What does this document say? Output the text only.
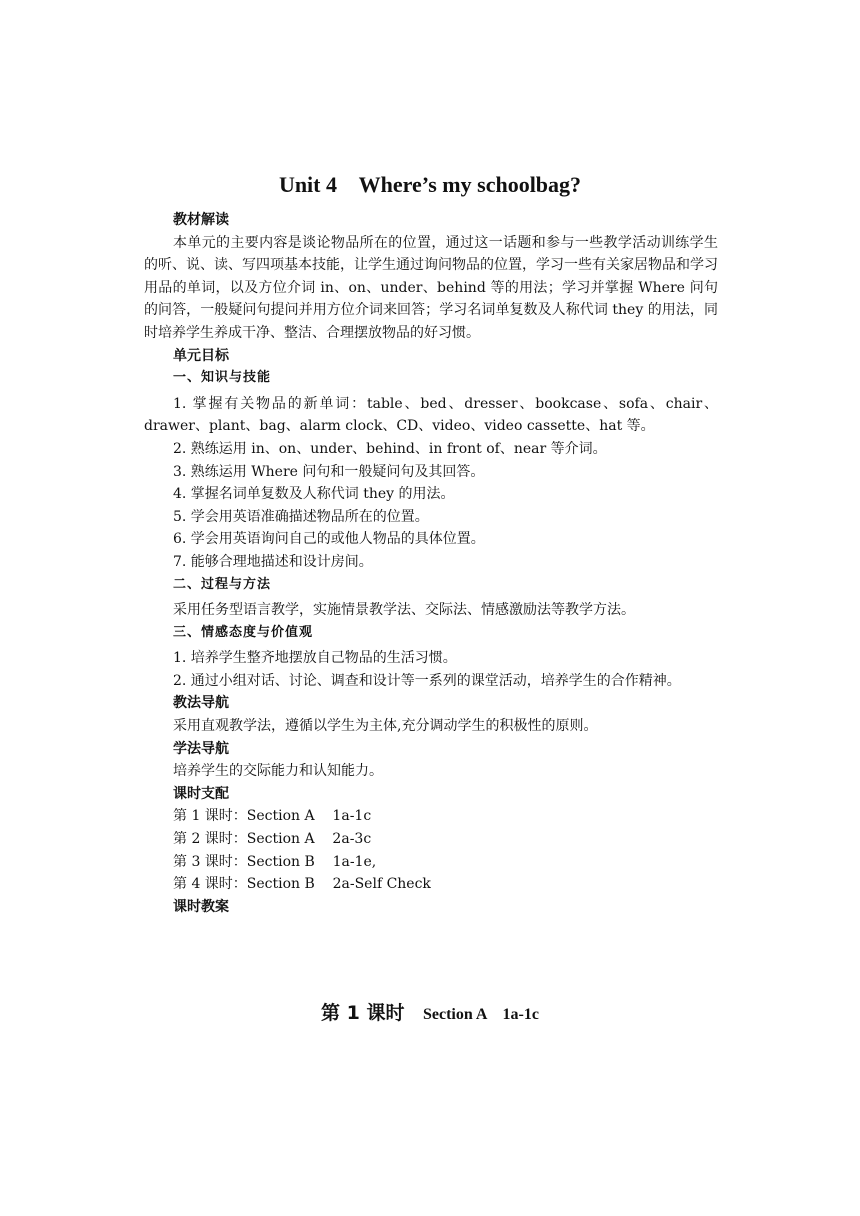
Unit 4    Where’s my schoolbag?

教材解读

本单元的主要内容是谈论物品所在的位置，通过这一话题和参与一些教学活动训练学生的听、说、读、写四项基本技能，让学生通过询问物品的位置，学习一些有关家居物品和学习用品的单词，以及方位介词 in、on、under、behind 等的用法；学习并掌握 Where 问句的问答，一般疑问句提问并用方位介词来回答；学习名词单复数及人称代词 they 的用法，同时培养学生养成干净、整洁、合理摆放物品的好习惯。

单元目标

一、知识与技能

1. 掌握有关物品的新单词：table、bed、dresser、bookcase、sofa、chair、drawer、plant、bag、alarm clock、CD、video、video cassette、hat 等。

2. 熟练运用 in、on、under、behind、in front of、near 等介词。

3. 熟练运用 Where 问句和一般疑问句及其回答。

4. 掌握名词单复数及人称代词 they 的用法。

5. 学会用英语准确描述物品所在的位置。

6. 学会用英语询问自己的或他人物品的具体位置。

7. 能够合理地描述和设计房间。

二、过程与方法

采用任务型语言教学，实施情景教学法、交际法、情感激励法等教学方法。

三、情感态度与价值观

1. 培养学生整齐地摆放自己物品的生活习惯。

2. 通过小组对话、讨论、调查和设计等一系列的课堂活动，培养学生的合作精神。

教法导航

采用直观教学法，遵循以学生为主体,充分调动学生的积极性的原则。

学法导航

培养学生的交际能力和认知能力。

课时支配

第 1 课时：Section A    1a-1c

第 2 课时：Section A    2a-3c

第 3 课时：Section B    1a-1e,

第 4 课时：Section B    2a-Self Check

课时教案

第 1 课时 Section A    1a-1c
